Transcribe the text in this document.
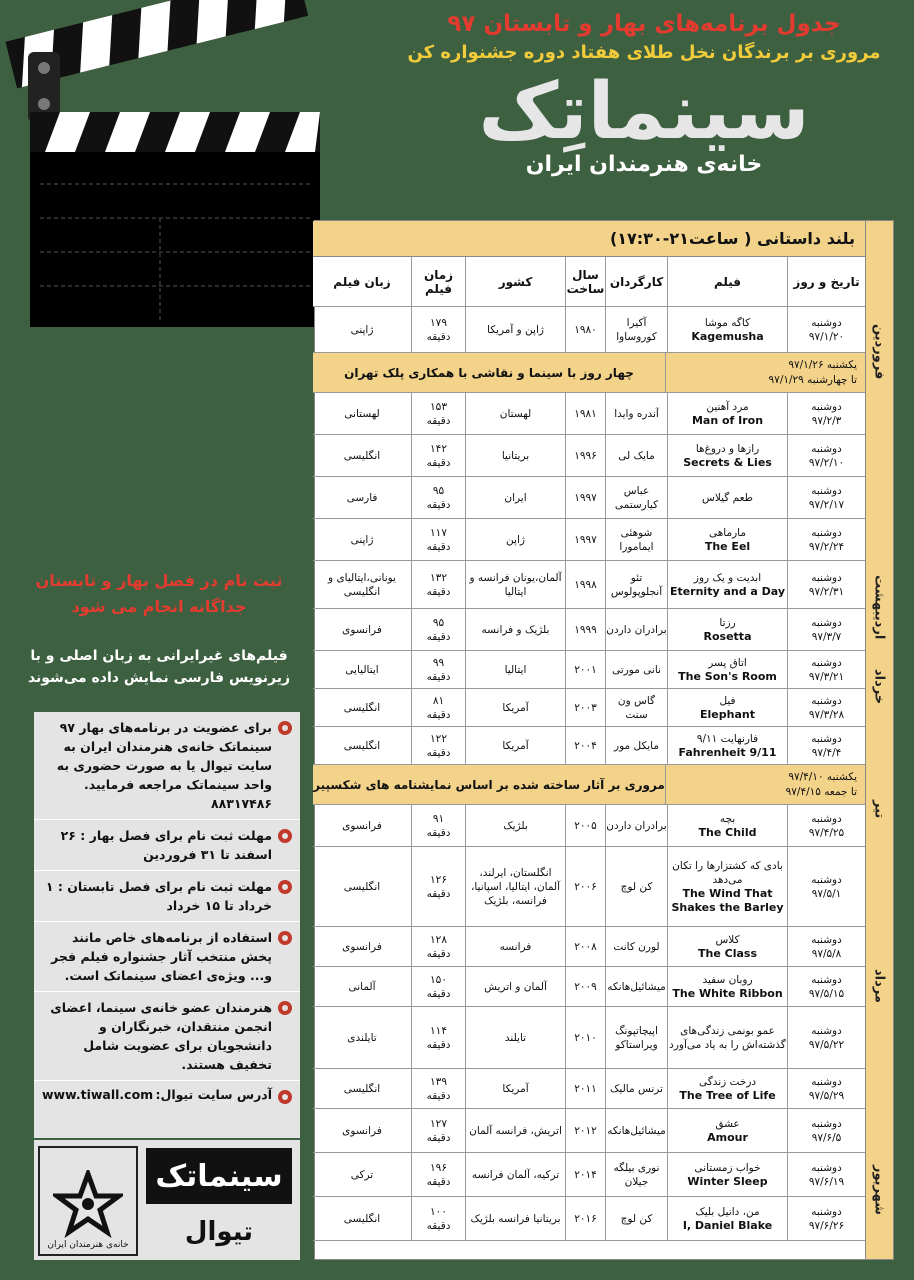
جدول برنامه‌های بهار و تابستان ۹۷
مروری بر برندگان نخل طلای هفتاد دوره جشنواره کن
سینماتِک
خانه‌ی هنرمندان ایران
فروردین
اردیبهشت
خرداد
تیر
مرداد
شهریور
بلند داستانی ( ساعت۲۱-۱۷:۳۰)
تاریخ و روز
فیلم
کارگردان
سال ساخت
کشور
زمان فیلم
زبان فیلم
دوشنبه
۹۷/۱/۲۰
کاگه موشا
Kagemusha
آکیرا کوروساوا
۱۹۸۰
ژاپن و آمریکا
۱۷۹
دقیقه
ژاپنی
یکشنبه ۹۷/۱/۲۶
تا چهارشنبه ۹۷/۱/۲۹
چهار روز با سینما و نقاشی با همکاری پلک تهران
دوشنبه
۹۷/۲/۳
مرد آهنین
Man of Iron
آندره وایدا
۱۹۸۱
لهستان
۱۵۳
دقیقه
لهستانی
دوشنبه
۹۷/۲/۱۰
رازها و دروغ‌ها
Secrets & Lies
مایک لی
۱۹۹۶
بریتانیا
۱۴۲
دقیقه
انگلیسی
دوشنبه
۹۷/۲/۱۷
طعم گیلاس
عباس کیارستمی
۱۹۹۷
ایران
۹۵
دقیقه
فارسی
دوشنبه
۹۷/۲/۲۴
مارماهی
The Eel
شوهئی ایمامورا
۱۹۹۷
ژاپن
۱۱۷
دقیقه
ژاپنی
دوشنبه
۹۷/۲/۳۱
ابدیت و یک روز
Eternity and a Day
تئو آنجلوپولوس
۱۹۹۸
آلمان،یونان فرانسه و ایتالیا
۱۳۲
دقیقه
یونانی،ایتالیای و انگلیسی
دوشنبه
۹۷/۳/۷
رزتا
Rosetta
برادران داردن
۱۹۹۹
بلژیک و فرانسه
۹۵
دقیقه
فرانسوی
دوشنبه
۹۷/۳/۲۱
اتاق پسر
The Son's Room
نانی مورتی
۲۰۰۱
ایتالیا
۹۹
دقیقه
ایتالیایی
دوشنبه
۹۷/۳/۲۸
فیل
Elephant
گاس ون سنت
۲۰۰۳
آمریکا
۸۱
دقیقه
انگلیسی
دوشنبه
۹۷/۴/۴
فارنهایت ۹/۱۱
Fahrenheit 9/11
مایکل مور
۲۰۰۴
آمریکا
۱۲۲
دقیقه
انگلیسی
یکشنبه ۹۷/۴/۱۰
تا جمعه ۹۷/۴/۱۵
مروری بر آثار ساخته شده بر اساس نمایشنامه های شکسپیر
دوشنبه
۹۷/۴/۲۵
بچه
The Child
برادران داردن
۲۰۰۵
بلژیک
۹۱
دقیقه
فرانسوی
دوشنبه
۹۷/۵/۱
بادی که کشتزارها را تکان می‌دهد
The Wind That Shakes the Barley
کن لوچ
۲۰۰۶
انگلستان، ایرلند، آلمان، ایتالیا، اسپانیا، فرانسه، بلژیک
۱۲۶
دقیقه
انگلیسی
دوشنبه
۹۷/۵/۸
کلاس
The Class
لورن کانت
۲۰۰۸
فرانسه
۱۲۸
دقیقه
فرانسوی
دوشنبه
۹۷/۵/۱۵
روبان سفید
The White Ribbon
میشائیل‌هانکه
۲۰۰۹
آلمان و اتریش
۱۵۰
دقیقه
آلمانی
دوشنبه
۹۷/۵/۲۲
عمو بونمی زندگی‌های گذشته‌اش را به یاد می‌آورد
اپیچاتپونگ ویراستاکو
۲۰۱۰
تایلند
۱۱۴
دقیقه
تایلندی
دوشنبه
۹۷/۵/۲۹
درخت زندگی
The Tree of Life
ترنس مالیک
۲۰۱۱
آمریکا
۱۳۹
دقیقه
انگلیسی
دوشنبه
۹۷/۶/۵
عشق
Amour
میشائیل‌هانکه
۲۰۱۲
اتریش، فرانسه آلمان
۱۲۷
دقیقه
فرانسوی
دوشنبه
۹۷/۶/۱۹
خواب زمستانی
Winter Sleep
نوری بیلگه جیلان
۲۰۱۴
ترکیه، آلمان فرانسه
۱۹۶
دقیقه
ترکی
دوشنبه
۹۷/۶/۲۶
من، دانیل بلیک
I, Daniel Blake
کن لوچ
۲۰۱۶
بریتانیا فرانسه بلژیک
۱۰۰
دقیقه
انگلیسی
ثبت نام در فصل بهار و تابستان جداگانه انجام می شود
فیلم‌های غیرایرانی به زبان اصلی و با زیرنویس فارسی نمایش داده می‌شوند
برای عضویت در برنامه‌های بهار ۹۷ سینماتک خانه‌ی هنرمندان ایران به سایت تیوال یا به صورت حضوری به واحد سینماتک مراجعه فرمایید. ۸۸۳۱۷۴۸۶
مهلت ثبت نام برای فصل بهار : ۲۶ اسفند تا ۳۱ فروردین
مهلت ثبت نام برای فصل تابستان : ۱ خرداد تا ۱۵ خرداد
استفاده از برنامه‌های خاص مانند پخش منتخب آثار جشنواره فیلم فجر و... ویژه‌ی اعضای سینماتک است.
هنرمندان عضو خانه‌ی سینما، اعضای انجمن منتقدان، خبرنگاران و دانشجویان برای عضویت شامل تخفیف هستند.
آدرس سایت تیوال:
www.tiwall.com
خانه‌ی هنرمندان ایران
سینماتک
تیوال
